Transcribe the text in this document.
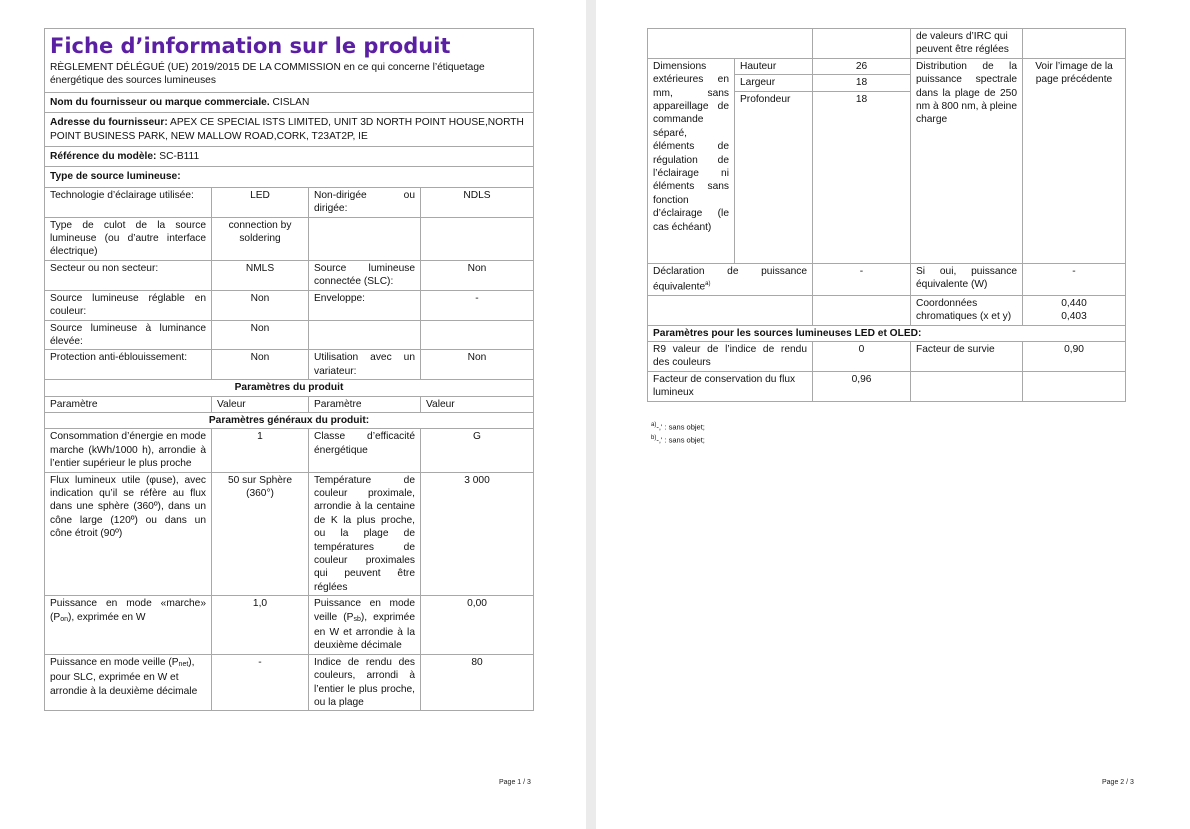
Fiche d’information sur le produit
RÈGLEMENT DÉLÉGUÉ (UE) 2019/2015 DE LA COMMISSION en ce qui concerne l’étiquetage énergétique des sources lumineuses			

Nom du fournisseur ou marque commerciale. CISLAN			
Adresse du fournisseur: APEX CE SPECIAL ISTS LIMITED, UNIT 3D NORTH POINT HOUSE,NORTH POINT BUSINESS PARK, NEW MALLOW ROAD,CORK, T23AT2P, IE			
Référence du modèle: SC-B111			
Type de source lumineuse:			
Technologie d’éclairage utilisée:	LED	Non-dirigée ou dirigée:	NDLS
Type de culot de la source lumineuse (ou d’autre interface électrique)	connection by soldering		
Secteur ou non secteur:	NMLS	Source lumineuse connectée (SLC):	Non
Source lumineuse réglable en couleur:	Non	Enveloppe:	-
Source lumineuse à luminance élevée:	Non		
Protection anti-éblouissement:	Non	Utilisation avec un variateur:	Non
Paramètres du produit			
Paramètre	Valeur	Paramètre	Valeur
Paramètres généraux du produit:			
Consommation d’énergie en mode marche (kWh/1000 h), arrondie à l’entier supérieur le plus proche	1	Classe d’efficacité énergétique	G
Flux lumineux utile (φuse), avec indication qu’il se réfère au flux dans une sphère (360º), dans un cône large (120º) ou dans un cône étroit (90º)	50 sur Sphère (360°)	Température de couleur proximale, arrondie à la centaine de K la plus proche, ou la plage de températures de couleur proximales qui peuvent être réglées	3 000
Puissance en mode «marche» (Pon), exprimée en W	1,0	Puissance en mode veille (Psb), exprimée en W et arrondie à la deuxième décimale	0,00
Puissance en mode veille (Pnet), pour SLC, exprimée en W et arrondie à la deuxième décimale	-	Indice de rendu des couleurs, arrondi à l’entier le plus proche, ou la plage	80
Page 1 / 3
			de valeurs d’IRC qui peuvent être réglées	
Dimensions extérieures en mm, sans appareillage de commande séparé, éléments de régulation de l’éclairage ni éléments sans fonction d’éclairage (le cas échéant)	Hauteur	26	Distribution de la puissance spectrale dans la plage de 250 nm à 800 nm, à pleine charge	Voir l’image de la page précédente
	Largeur	18		
	Profondeur	18		
Déclaration de puissance équivalente$^{a)}$		-	Si oui, puissance équivalente (W)	-
			Coordonnées chromatiques (x et y)	0,440
0,403
Paramètres pour les sources lumineuses LED et OLED:				
R9 valeur de l’indice de rendu des couleurs		0	Facteur de survie	0,90
Facteur de conservation du flux lumineux		0,96		
$^{a)}$-,' : sans objet;
$^{b)}$-,' : sans objet;
Page 2 / 3
